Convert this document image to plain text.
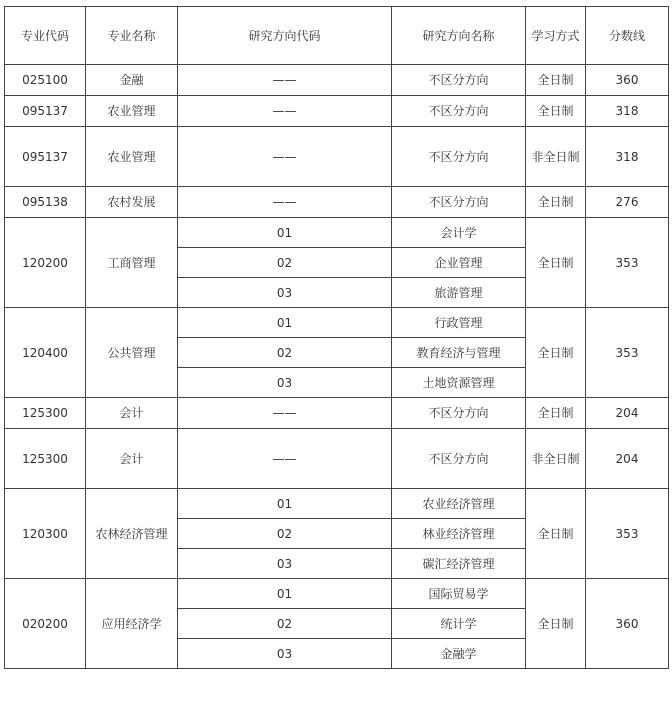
专业代码	专业名称	研究方向代码	研究方向名称	学习方式	分数线
025100	金融	——	不区分方向	全日制	360
095137	农业管理	——	不区分方向	全日制	318
095137	农业管理	——	不区分方向	非全日制	318
095138	农村发展	——	不区分方向	全日制	276
120200	工商管理	01	会计学	全日制	353
		02	企业管理		
		03	旅游管理		
120400	公共管理	01	行政管理	全日制	353
		02	教育经济与管理		
		03	土地资源管理		
125300	会计	——	不区分方向	全日制	204
125300	会计	——	不区分方向	非全日制	204
120300	农林经济管理	01	农业经济管理	全日制	353
		02	林业经济管理		
		03	碳汇经济管理		
020200	应用经济学	01	国际贸易学	全日制	360
		02	统计学		
		03	金融学		
